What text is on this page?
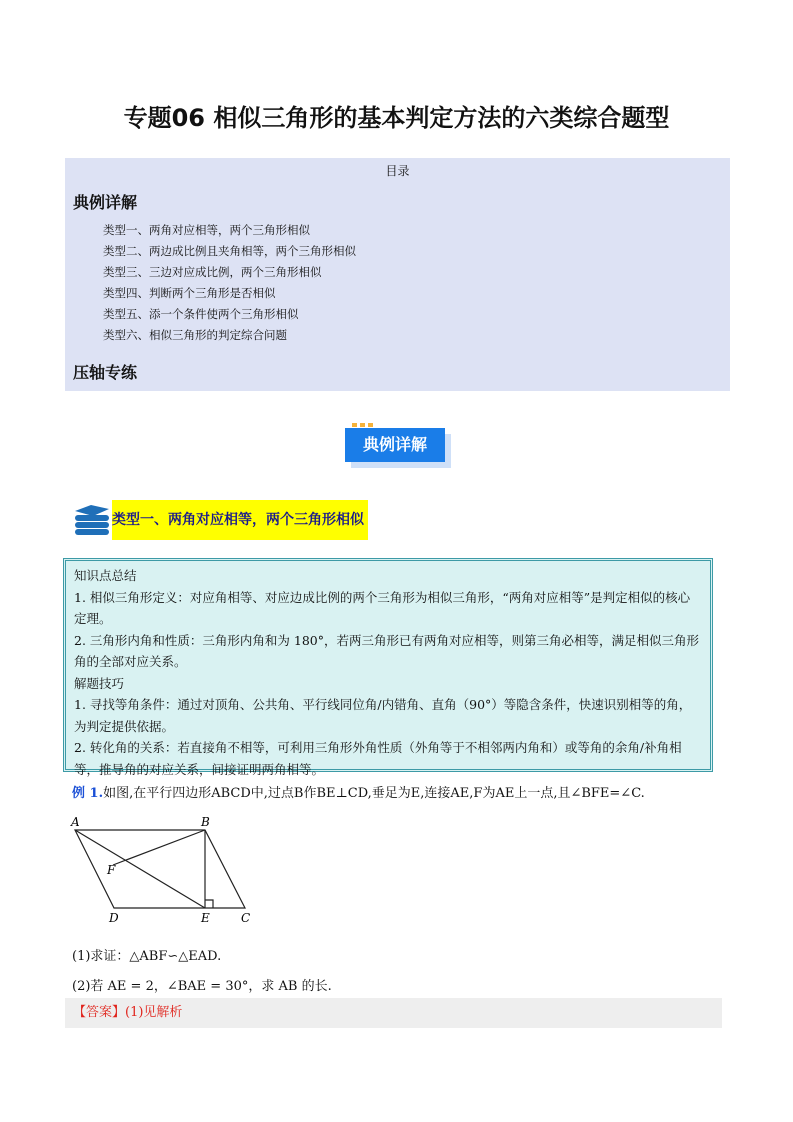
专题06 相似三角形的基本判定方法的六类综合题型
目录
典例详解
类型一、两角对应相等，两个三角形相似
类型二、两边成比例且夹角相等，两个三角形相似
类型三、三边对应成比例，两个三角形相似
类型四、判断两个三角形是否相似
类型五、添一个条件使两个三角形相似
类型六、相似三角形的判定综合问题
压轴专练
典例详解
类型一、两角对应相等，两个三角形相似
知识点总结
1. 相似三角形定义：对应角相等、对应边成比例的两个三角形为相似三角形，“两角对应相等”是判定相似的核心定理。
2. 三角形内角和性质：三角形内角和为 180°，若两三角形已有两角对应相等，则第三角必相等，满足相似三角形角的全部对应关系。
解题技巧
1. 寻找等角条件：通过对顶角、公共角、平行线同位角/内错角、直角（90°）等隐含条件，快速识别相等的角，为判定提供依据。
2. 转化角的关系：若直接角不相等，可利用三角形外角性质（外角等于不相邻两内角和）或等角的余角/补角相等，推导角的对应关系，间接证明两角相等。
例 1.如图,在平行四边形ABCD中,过点B作BE⊥CD,垂足为E,连接AE,F为AE上一点,且∠BFE=∠C.
A	B
C
D	E
F
(1)求证：△ABF∽△EAD.
(2)若 AE = 2，∠BAE = 30°，求 AB 的长.
【答案】(1)见解析
